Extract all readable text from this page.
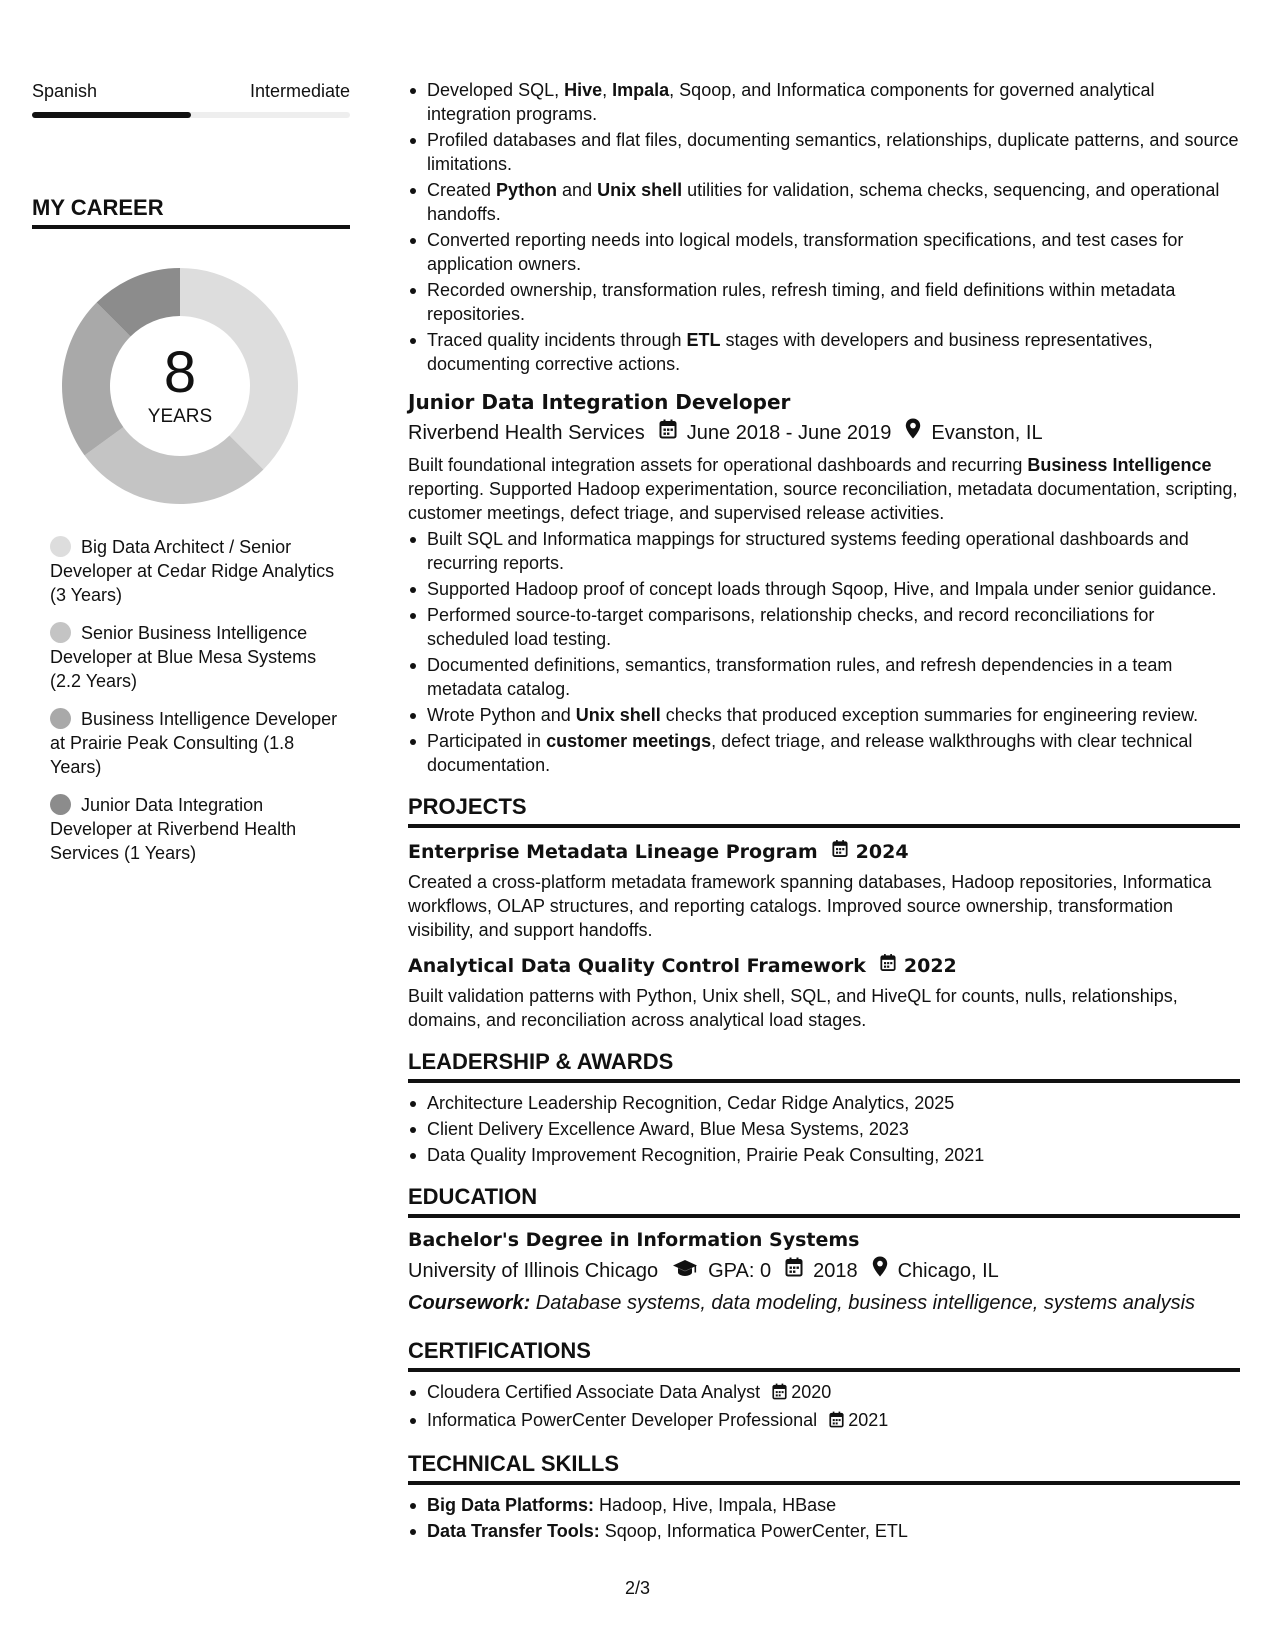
Spanish	Intermediate
MY CAREER
8
YEARS
Big Data Architect / Senior Developer at Cedar Ridge Analytics (3 Years)
Senior Business Intelligence Developer at Blue Mesa Systems (2.2 Years)
Business Intelligence Developer at Prairie Peak Consulting (1.8 Years)
Junior Data Integration Developer at Riverbend Health Services (1 Years)
Developed SQL, Hive, Impala, Sqoop, and Informatica components for governed analytical integration programs.
Profiled databases and flat files, documenting semantics, relationships, duplicate patterns, and source limitations.
Created Python and Unix shell utilities for validation, schema checks, sequencing, and operational handoffs.
Converted reporting needs into logical models, transformation specifications, and test cases for application owners.
Recorded ownership, transformation rules, refresh timing, and field definitions within metadata repositories.
Traced quality incidents through ETL stages with developers and business representatives, documenting corrective actions.
Junior Data Integration Developer
Riverbend Health Services June 2018 - June 2019 Evanston, IL
Built foundational integration assets for operational dashboards and recurring Business Intelligence reporting. Supported Hadoop experimentation, source reconciliation, metadata documentation, scripting, customer meetings, defect triage, and supervised release activities.
Built SQL and Informatica mappings for structured systems feeding operational dashboards and recurring reports.
Supported Hadoop proof of concept loads through Sqoop, Hive, and Impala under senior guidance.
Performed source-to-target comparisons, relationship checks, and record reconciliations for scheduled load testing.
Documented definitions, semantics, transformation rules, and refresh dependencies in a team metadata catalog.
Wrote Python and Unix shell checks that produced exception summaries for engineering review.
Participated in customer meetings, defect triage, and release walkthroughs with clear technical documentation.
PROJECTS
Enterprise Metadata Lineage Program 2024
Created a cross-platform metadata framework spanning databases, Hadoop repositories, Informatica workflows, OLAP structures, and reporting catalogs. Improved source ownership, transformation visibility, and support handoffs.
Analytical Data Quality Control Framework 2022
Built validation patterns with Python, Unix shell, SQL, and HiveQL for counts, nulls, relationships, domains, and reconciliation across analytical load stages.
LEADERSHIP & AWARDS
Architecture Leadership Recognition, Cedar Ridge Analytics, 2025
Client Delivery Excellence Award, Blue Mesa Systems, 2023
Data Quality Improvement Recognition, Prairie Peak Consulting, 2021
EDUCATION
Bachelor's Degree in Information Systems
University of Illinois Chicago	GPA: 0 2018 Chicago, IL
Coursework: Database systems, data modeling, business intelligence, systems analysis
CERTIFICATIONS
Cloudera Certified Associate Data Analyst 2020
Informatica PowerCenter Developer Professional 2021
TECHNICAL SKILLS
Big Data Platforms: Hadoop, Hive, Impala, HBase
Data Transfer Tools: Sqoop, Informatica PowerCenter, ETL
2/3
